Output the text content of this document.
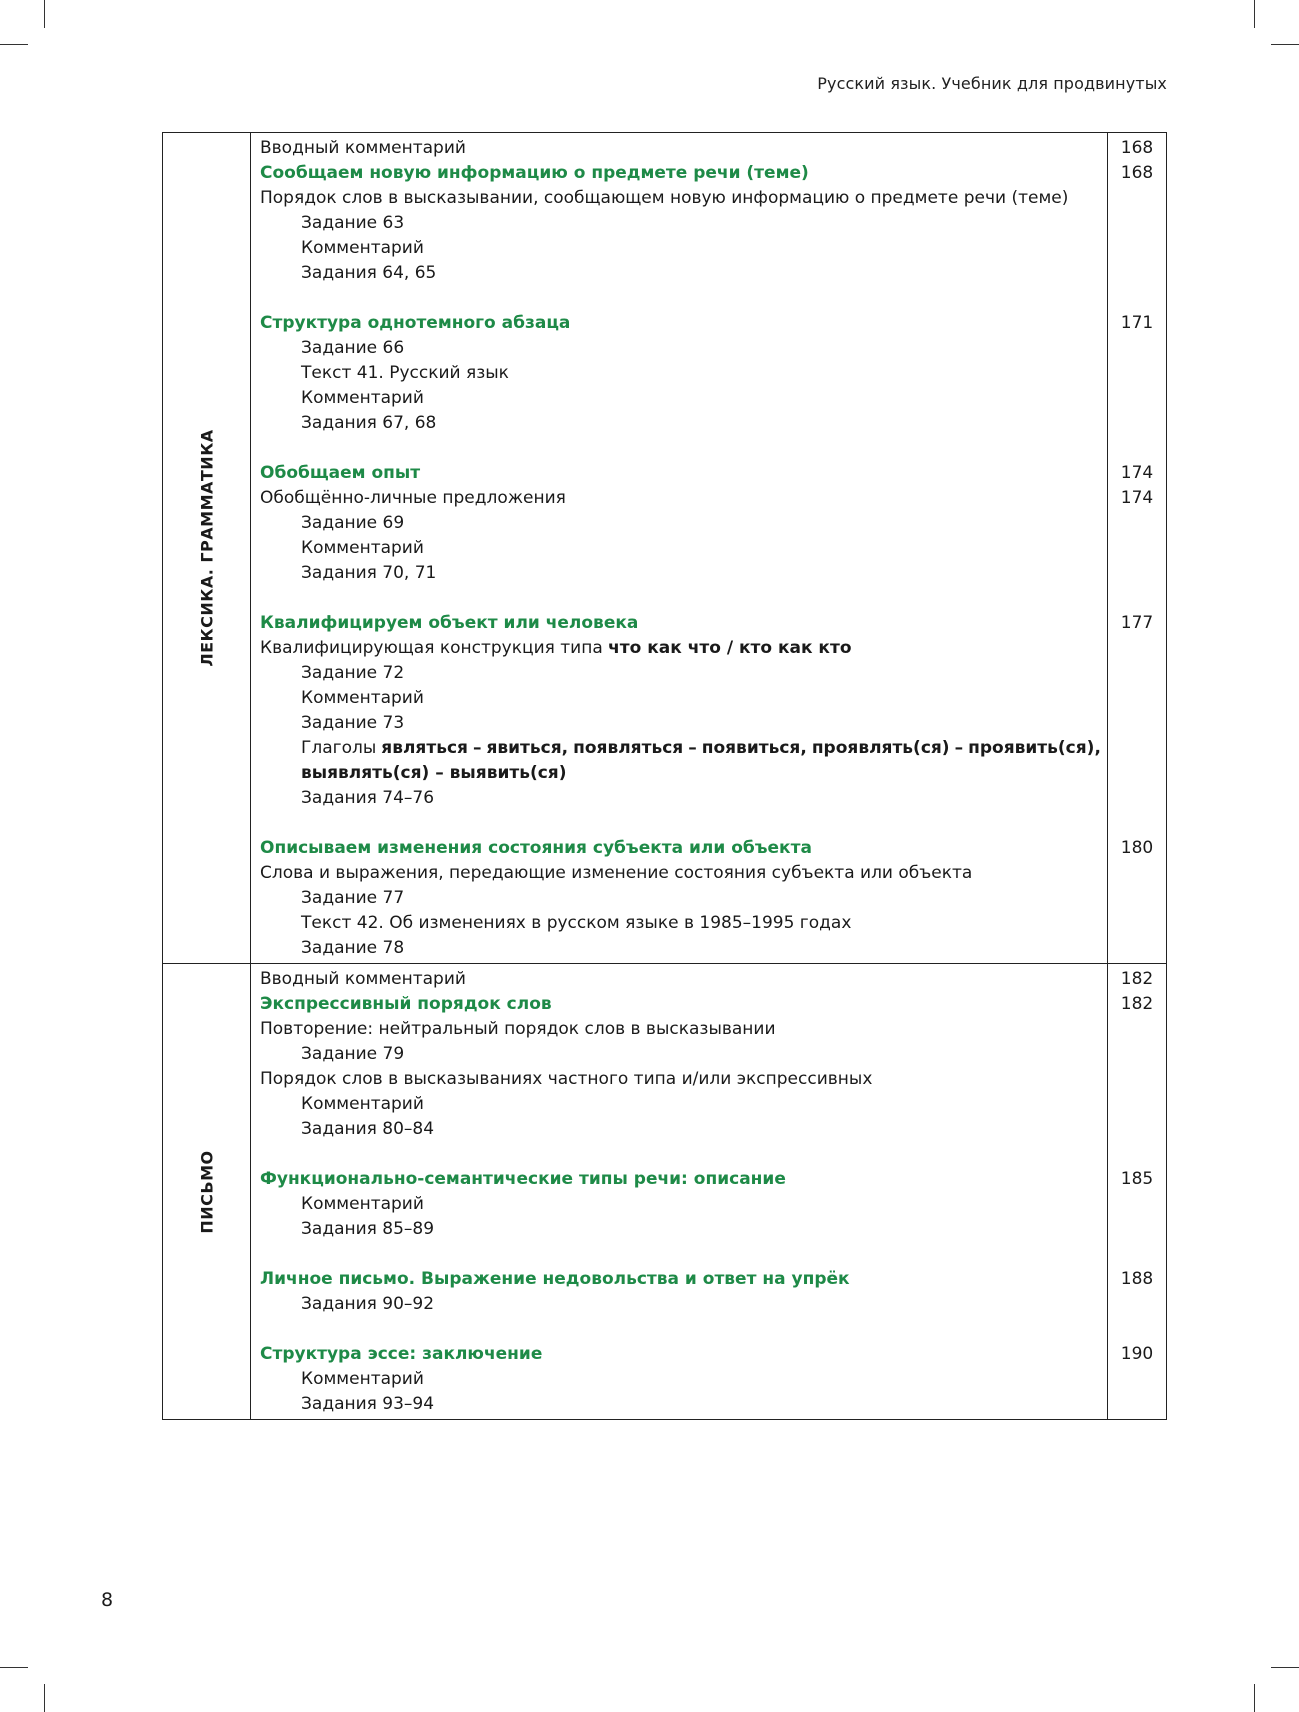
Русский язык. Учебник для продвинутых
ЛЕКСИКА. ГРАММАТИКА
Вводный комментарий
Сообщаем новую информацию о предмете речи (теме)
Порядок слов в высказывании, сообщающем новую информацию о предмете речи (теме)
Задание 63
Комментарий
Задания 64, 65
Структура однотемного абзаца
Задание 66
Текст 41. Русский язык
Комментарий
Задания 67, 68
Обобщаем опыт
Обобщённо-личные предложения
Задание 69
Комментарий
Задания 70, 71
Квалифицируем объект или человека
Квалифицирующая конструкция типа что как что / кто как кто
Задание 72
Комментарий
Задание 73
Глаголы являться – явиться, появляться – появиться, проявлять(ся) – проявить(ся),
выявлять(ся) – выявить(ся)
Задания 74–76
Описываем изменения состояния субъекта или объекта
Слова и выражения, передающие изменение состояния субъекта или объекта
Задание 77
Текст 42. Об изменениях в русском языке в 1985–1995 годах
Задание 78
168
168
171
174
174
177
180
ПИСЬМО
Вводный комментарий
Экспрессивный порядок слов
Повторение: нейтральный порядок слов в высказывании
Задание 79
Порядок слов в высказываниях частного типа и/или экспрессивных
Комментарий
Задания 80–84
Функционально-семантические типы речи: описание
Комментарий
Задания 85–89
Личное письмо. Выражение недовольства и ответ на упрёк
Задания 90–92
Структура эссе: заключение
Комментарий
Задания 93–94
182
182
185
188
190
8
